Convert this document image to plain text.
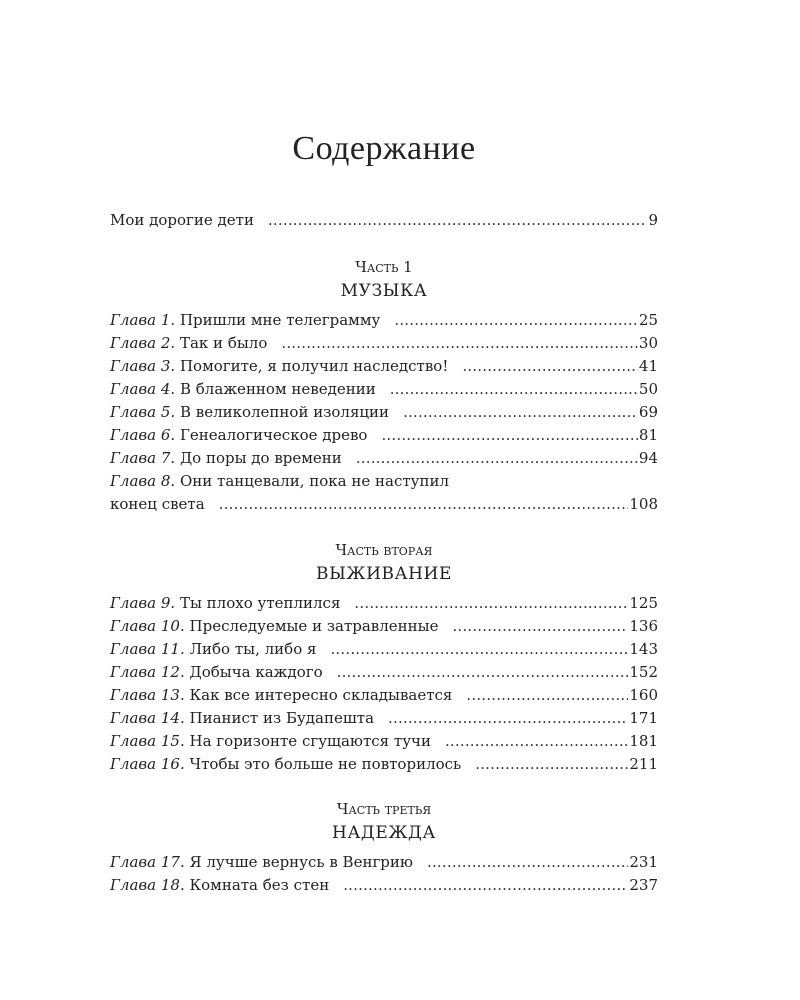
Содержание
Мои дорогие дети .....	9
Часть 1
МУЗЫКА
Глава 1. Пришли мне телеграмму .....	25
Глава 2. Так и было .....	30
Глава 3. Помогите, я получил наследство! .....	41
Глава 4. В блаженном неведении .....	50
Глава 5. В великолепной изоляции .....	69
Глава 6. Генеалогическое древо .....	81
Глава 7. До поры до времени .....	94
Глава 8. Они танцевали, пока не наступил
конец света .....	108
Часть вторая
ВЫЖИВАНИЕ
Глава 9. Ты плохо утеплился .....	125
Глава 10. Преследуемые и затравленные .....	136
Глава 11. Либо ты, либо я .....	143
Глава 12. Добыча каждого .....	152
Глава 13. Как все интересно складывается .....	160
Глава 14. Пианист из Будапешта .....	171
Глава 15. На горизонте сгущаются тучи .....	181
Глава 16. Чтобы это больше не повторилось .....	211
Часть третья
НАДЕЖДА
Глава 17. Я лучше вернусь в Венгрию .....	231
Глава 18. Комната без стен .....	237
